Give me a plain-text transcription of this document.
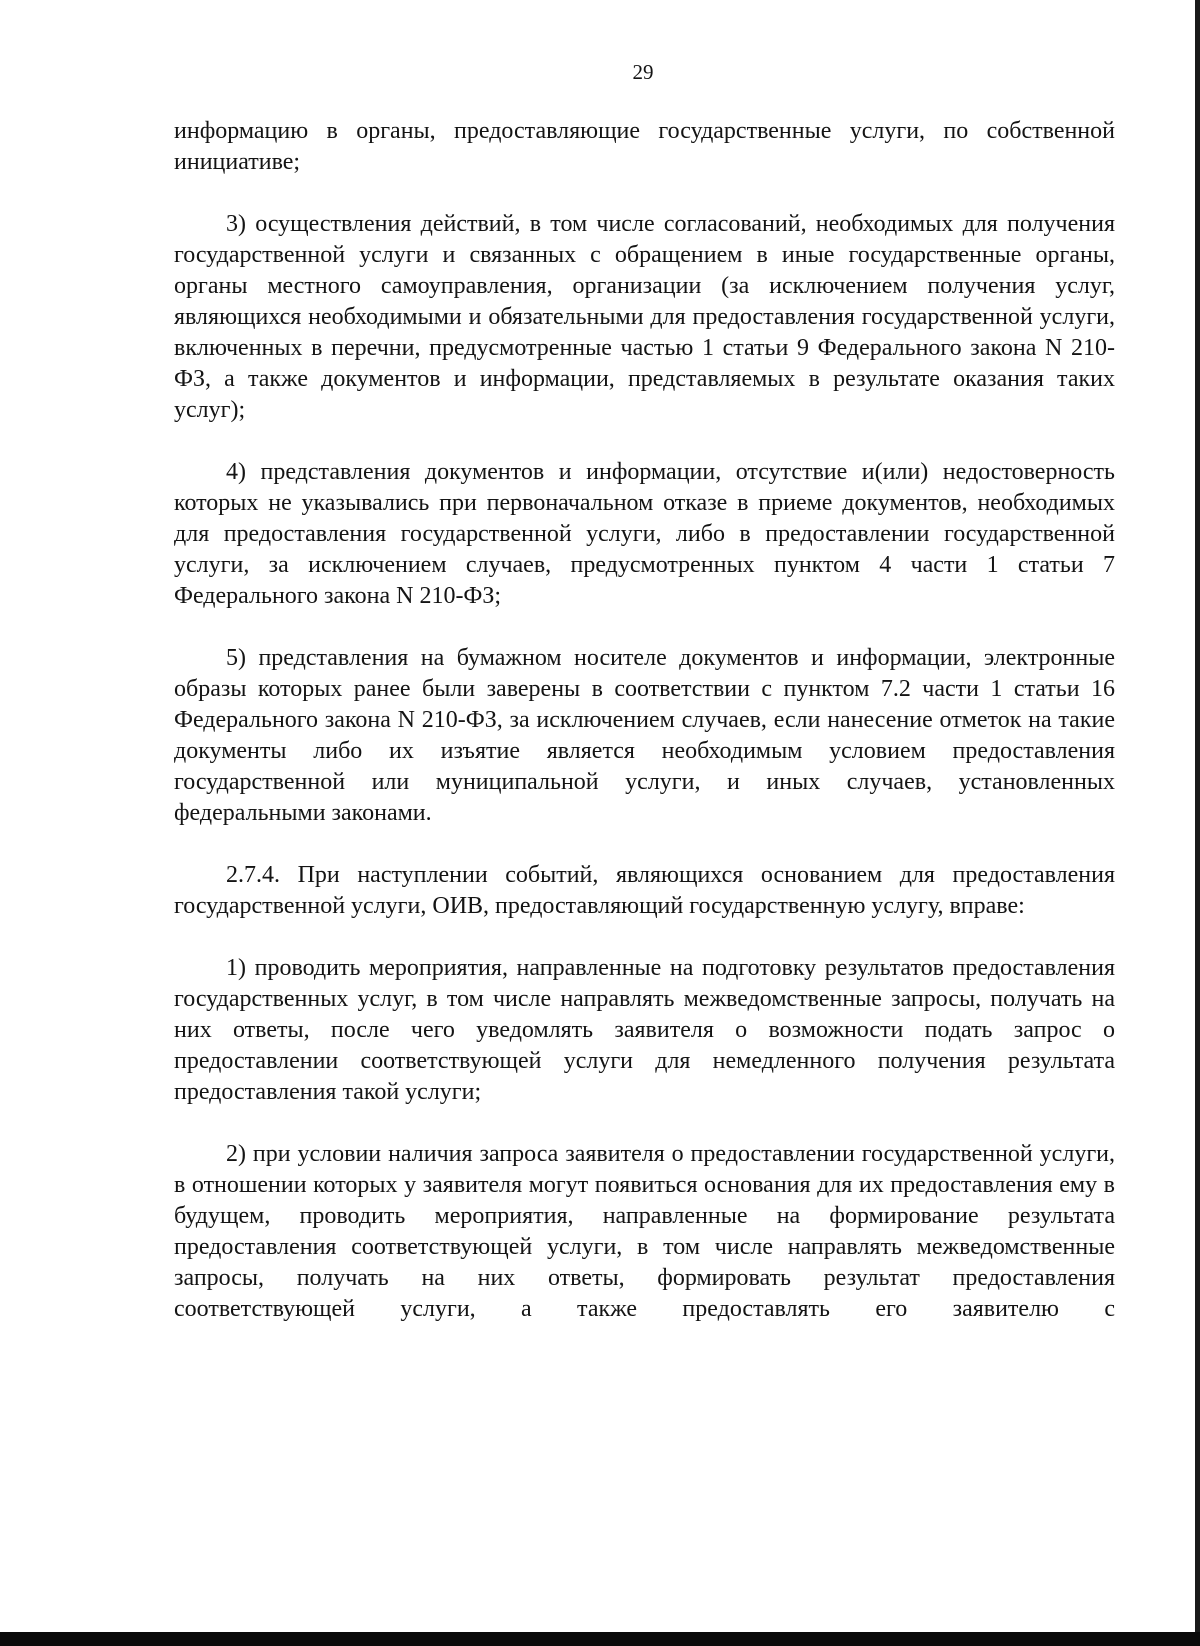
29

информацию в органы, предоставляющие государственные услуги, по собственной инициативе;

3) осуществления действий, в том числе согласований, необходимых для получения государственной услуги и связанных с обращением в иные государственные органы, органы местного самоуправления, организации (за исключением получения услуг, являющихся необходимыми и обязательными для предоставления государственной услуги, включенных в перечни, предусмотренные частью 1 статьи 9 Федерального закона N 210-ФЗ, а также документов и информации, представляемых в результате оказания таких услуг);

4) представления документов и информации, отсутствие и(или) недостоверность которых не указывались при первоначальном отказе в приеме документов, необходимых для предоставления государственной услуги, либо в предоставлении государственной услуги, за исключением случаев, предусмотренных пунктом 4 части 1 статьи 7 Федерального закона N 210-ФЗ;

5) представления на бумажном носителе документов и информации, электронные образы которых ранее были заверены в соответствии с пунктом 7.2 части 1 статьи 16 Федерального закона N 210-ФЗ, за исключением случаев, если нанесение отметок на такие документы либо их изъятие является необходимым условием предоставления государственной или муниципальной услуги, и иных случаев, установленных федеральными законами.

2.7.4. При наступлении событий, являющихся основанием для предоставления государственной услуги, ОИВ, предоставляющий государственную услугу, вправе:

1) проводить мероприятия, направленные на подготовку результатов предоставления государственных услуг, в том числе направлять межведомственные запросы, получать на них ответы, после чего уведомлять заявителя о возможности подать запрос о предоставлении соответствующей услуги для немедленного получения результата предоставления такой услуги;

2) при условии наличия запроса заявителя о предоставлении государственной услуги, в отношении которых у заявителя могут появиться основания для их предоставления ему в будущем, проводить мероприятия, направленные на формирование результата предоставления соответствующей услуги, в том числе направлять межведомственные запросы, получать на них ответы, формировать результат предоставления соответствующей услуги, а также предоставлять его заявителю с
